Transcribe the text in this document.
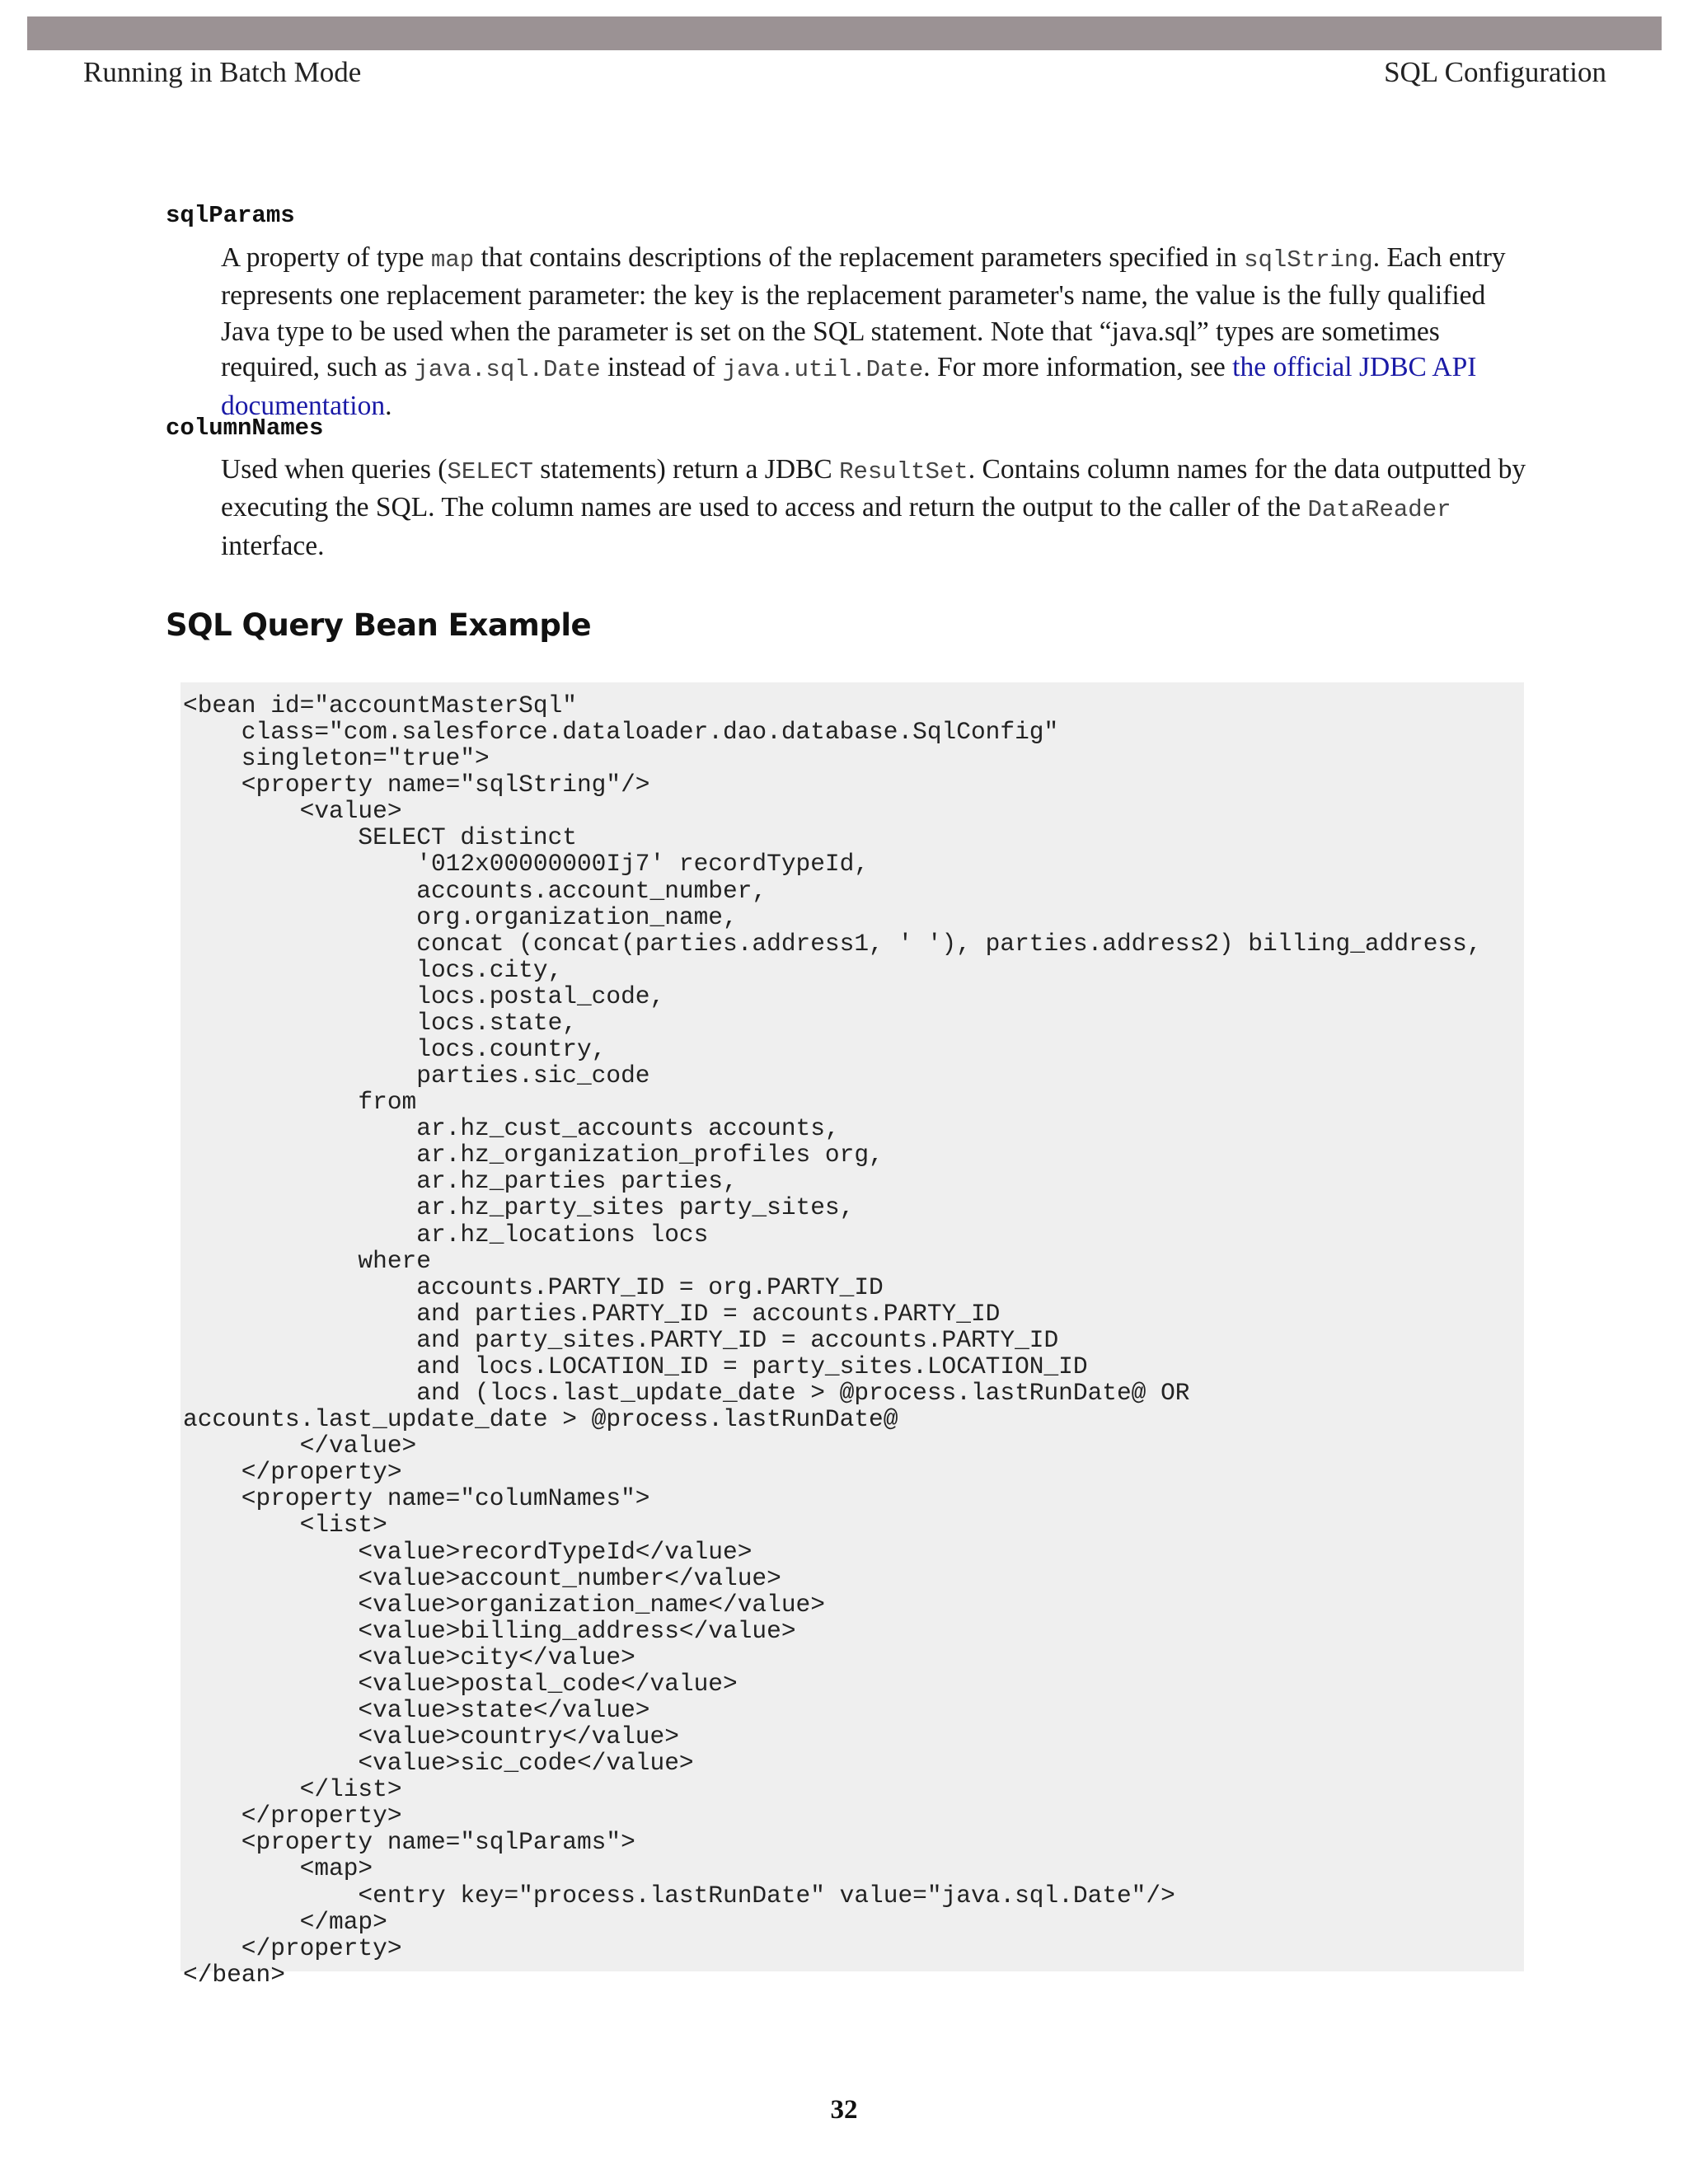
Running in Batch Mode	SQL Configuration
sqlParams
A property of type map that contains descriptions of the replacement parameters specified in sqlString. Each entry represents one replacement parameter: the key is the replacement parameter's name, the value is the fully qualified Java type to be used when the parameter is set on the SQL statement. Note that “java.sql” types are sometimes required, such as java.sql.Date instead of java.util.Date. For more information, see the official JDBC API documentation.
columnNames
Used when queries (SELECT statements) return a JDBC ResultSet. Contains column names for the data outputted by executing the SQL. The column names are used to access and return the output to the caller of the DataReader interface.
SQL Query Bean Example
<bean id="accountMasterSql"
class="com.salesforce.dataloader.dao.database.SqlConfig"
singleton="true">
<property name="sqlString"/>
<value>
SELECT distinct
'012x00000000Ij7' recordTypeId,
accounts.account_number,
org.organization_name,
concat (concat(parties.address1, ' '), parties.address2) billing_address,
locs.city,
locs.postal_code,
locs.state,
locs.country,
parties.sic_code
from
ar.hz_cust_accounts accounts,
ar.hz_organization_profiles org,
ar.hz_parties parties,
ar.hz_party_sites party_sites,
ar.hz_locations locs
where
accounts.PARTY_ID = org.PARTY_ID
and parties.PARTY_ID = accounts.PARTY_ID
and party_sites.PARTY_ID = accounts.PARTY_ID
and locs.LOCATION_ID = party_sites.LOCATION_ID
and (locs.last_update_date > @process.lastRunDate@ OR
accounts.last_update_date > @process.lastRunDate@
</value>
</property>
<property name="columNames">
<list>
<value>recordTypeId</value>
<value>account_number</value>
<value>organization_name</value>
<value>billing_address</value>
<value>city</value>
<value>postal_code</value>
<value>state</value>
<value>country</value>
<value>sic_code</value>
</list>
</property>
<property name="sqlParams">
<map>
<entry key="process.lastRunDate" value="java.sql.Date"/>
</map>
</property>
</bean>
32
